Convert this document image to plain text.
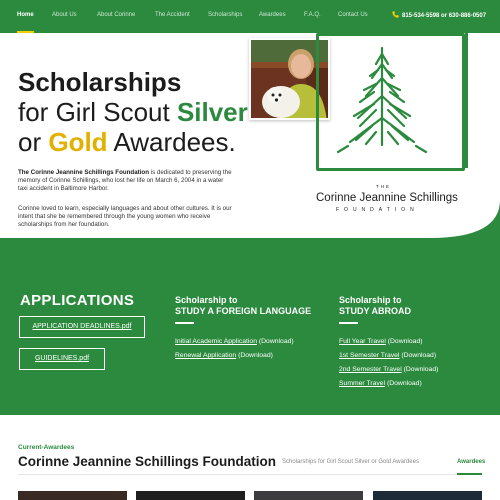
Home	About Us	About Corinne	The Accident	Scholarships	Awardees	F.A.Q.	Contact Us	815-534-5598 or 630-886-0507
Scholarships
for Girl Scout Silver
or Gold Awardees.

The Corinne Jeannine Schillings Foundation is dedicated to preserving the memory of Corinne Schillings, who lost her life on March 6, 2004 in a water taxi accident in Baltimore Harbor.

Corinne loved to learn, especially languages and about other cultures. It is our intent that she be remembered through the young women who receive scholarships from her foundation.

THE
Corinne Jeannine Schillings
FOUNDATION
APPLICATIONS
APPLICATION DEADLINES.pdf
GUIDELINES.pdf
Scholarship to
STUDY A FOREIGN LANGUAGE
Initial Academic Application (Download)
Renewal Application (Download)
Scholarship to
STUDY ABROAD
Full Year Travel (Download)
1st Semester Travel (Download)
2nd Semester Travel (Download)
Summer Travel (Download)
Current-Awardees
Corinne Jeannine Schillings Foundation Scholarships for Girl Scout Silver or Gold Awardees	Awardees
